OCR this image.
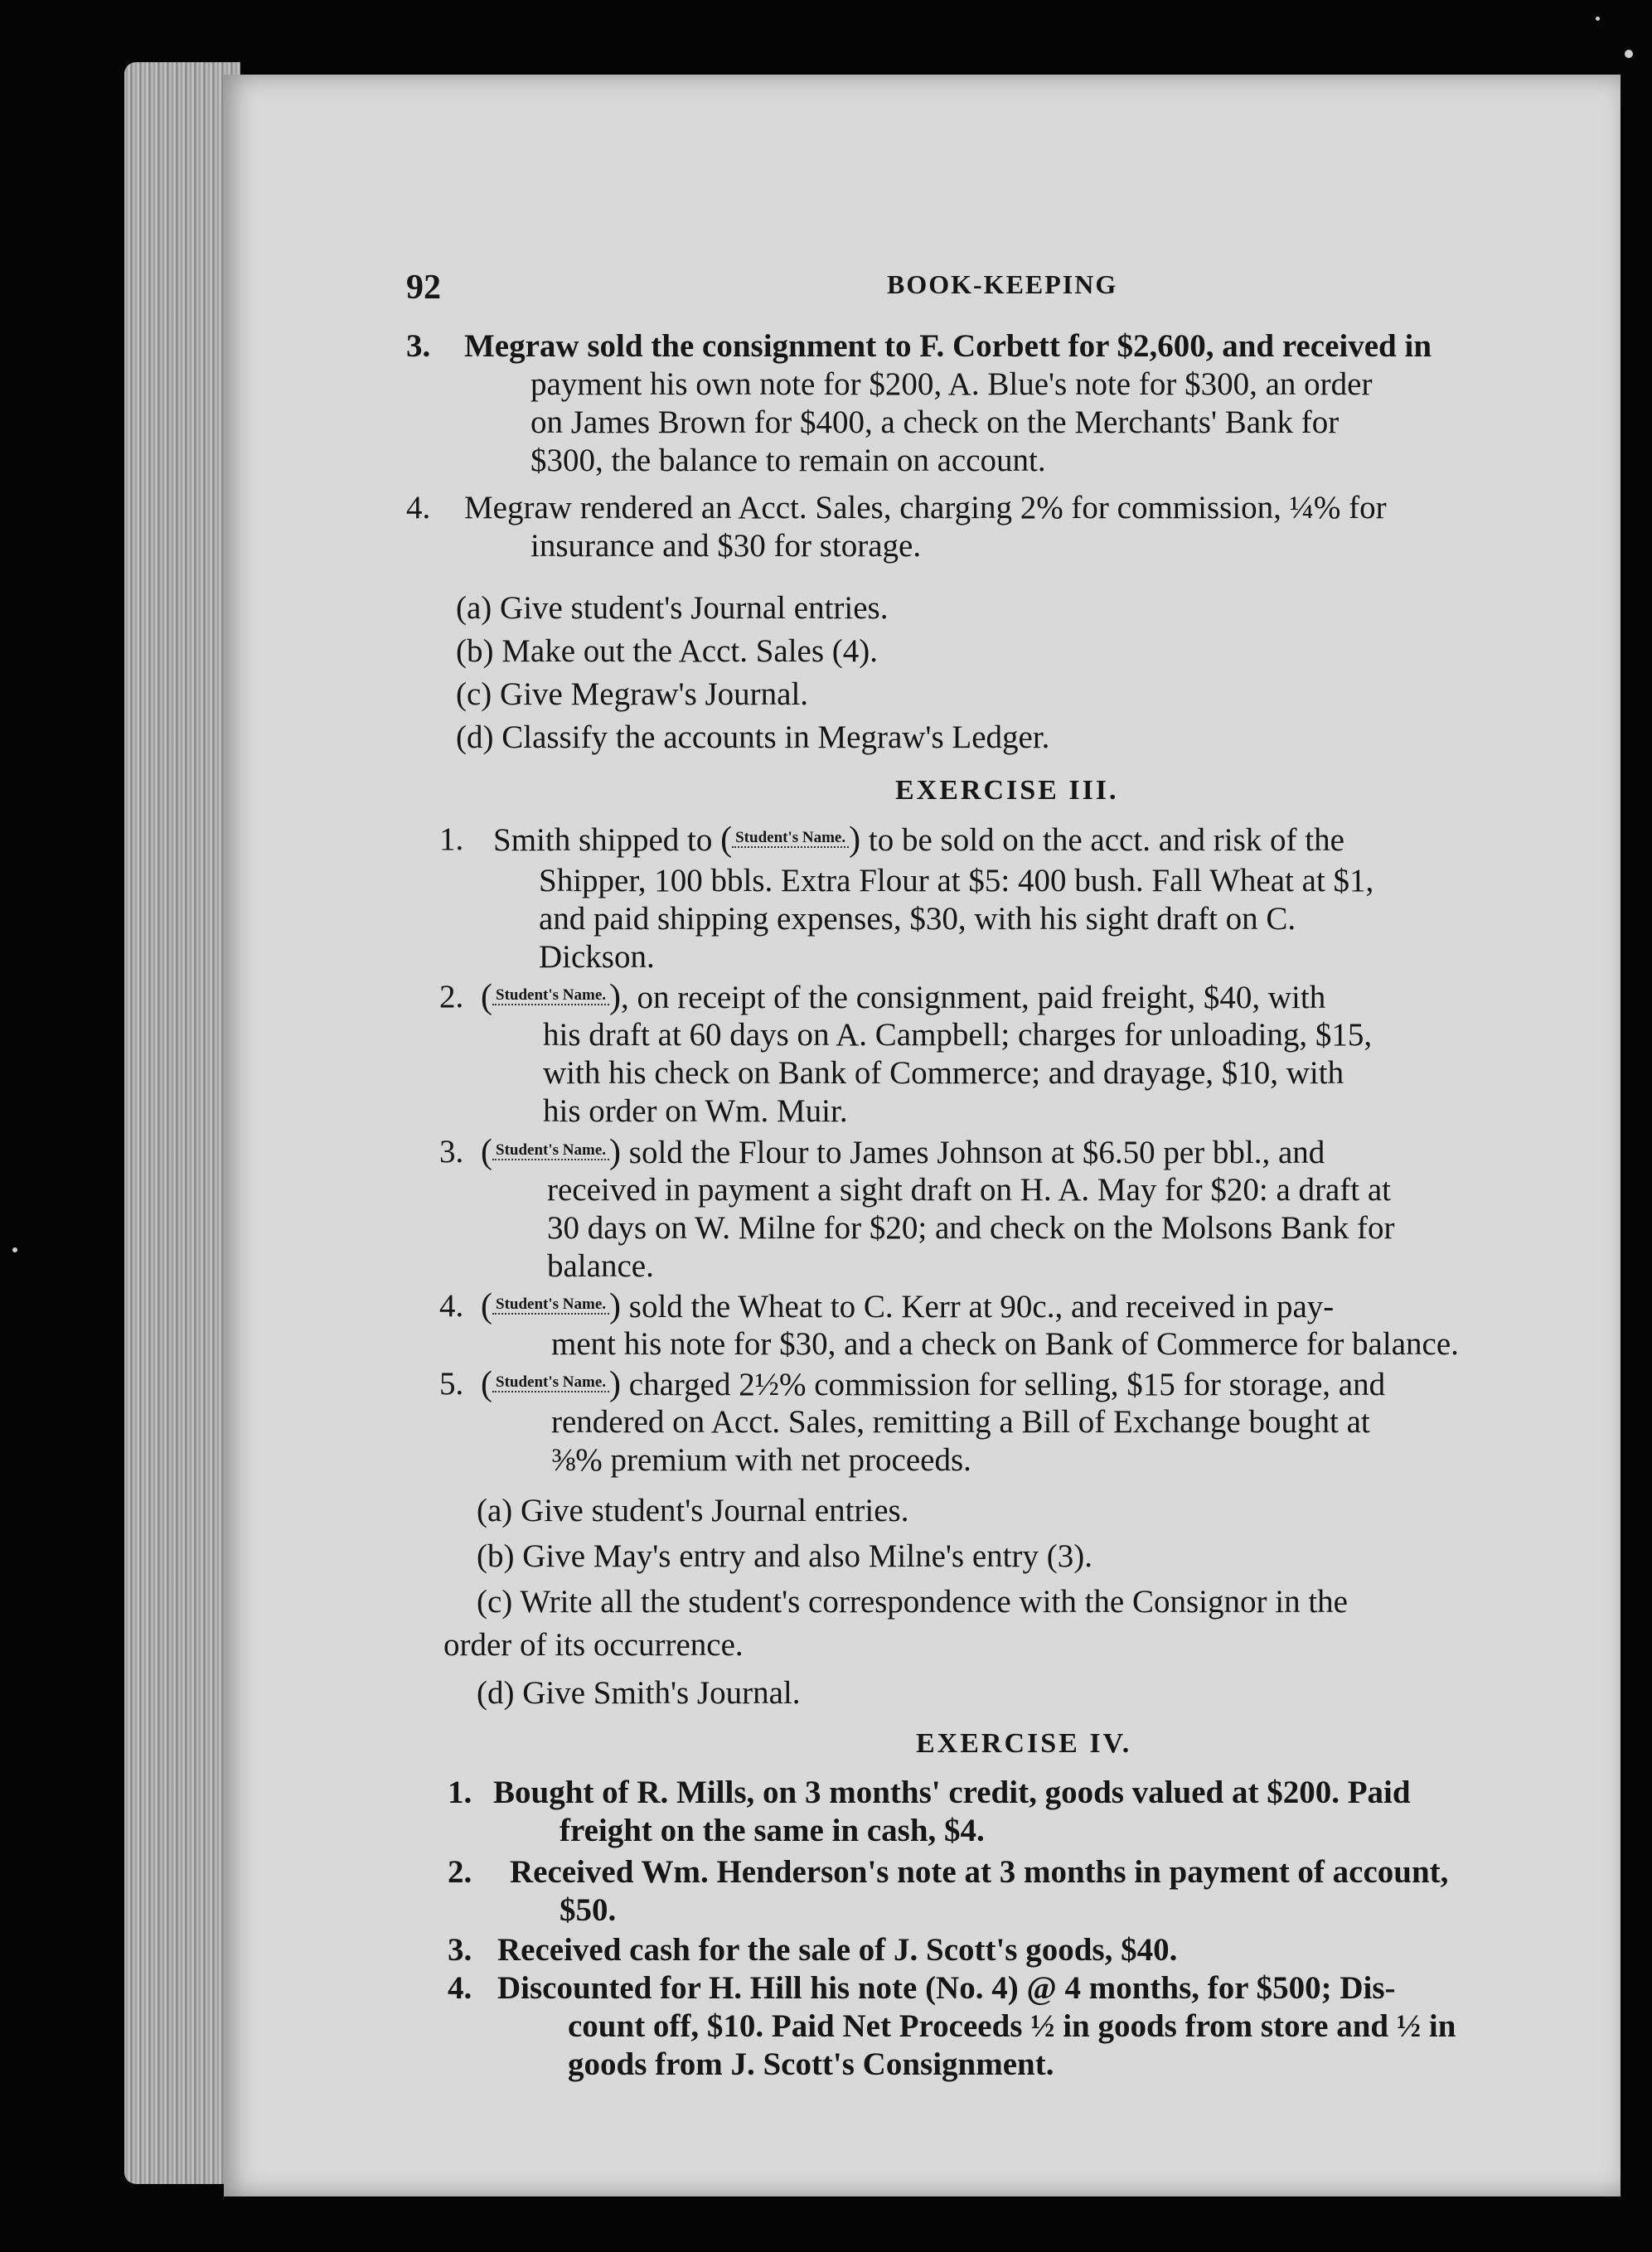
92	BOOK-KEEPING
3.	Megraw sold the consignment to F. Corbett for $2,600, and received in
payment his own note for $200, A. Blue's note for $300, an order
on James Brown for $400, a check on the Merchants' Bank for
$300, the balance to remain on account.
4.	Megraw rendered an Acct. Sales, charging 2% for commission, ¼% for
insurance and $30 for storage.
(a) Give student's Journal entries.
(b) Make out the Acct. Sales (4).
(c) Give Megraw's Journal.
(d) Classify the accounts in Megraw's Ledger.
EXERCISE III.
1. Smith shipped to ( Student's Name.) to be sold on the acct. and risk of the
Shipper, 100 bbls. Extra Flour at $5: 400 bush. Fall Wheat at $1,
and paid shipping expenses, $30, with his sight draft on C.
Dickson.
2. ( Student's Name.), on receipt of the consignment, paid freight, $40, with
his draft at 60 days on A. Campbell; charges for unloading, $15,
with his check on Bank of Commerce; and drayage, $10, with
his order on Wm. Muir.
3. ( Student's Name.) sold the Flour to James Johnson at $6.50 per bbl., and
received in payment a sight draft on H. A. May for $20: a draft at
30 days on W. Milne for $20; and check on the Molsons Bank for
balance.
4. ( Student's Name.) sold the Wheat to C. Kerr at 90c., and received in pay-
ment his note for $30, and a check on Bank of Commerce for balance.
5. ( Student's Name.) charged 2½% commission for selling, $15 for storage, and
rendered on Acct. Sales, remitting a Bill of Exchange bought at
⅜% premium with net proceeds.
(a) Give student's Journal entries.
(b) Give May's entry and also Milne's entry (3).
(c) Write all the student's correspondence with the Consignor in the
order of its occurrence.
(d) Give Smith's Journal.
EXERCISE IV.
1. Bought of R. Mills, on 3 months' credit, goods valued at $200. Paid
freight on the same in cash, $4.
2.	Received Wm. Henderson's note at 3 months in payment of account,
$50.
3. Received cash for the sale of J. Scott's goods, $40.
4. Discounted for H. Hill his note (No. 4) @ 4 months, for $500; Dis-
count off, $10. Paid Net Proceeds ½ in goods from store and ½ in
goods from J. Scott's Consignment.
